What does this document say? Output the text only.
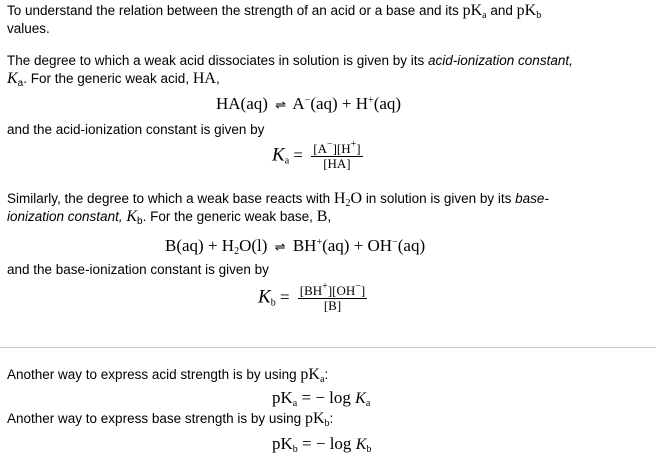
To understand the relation between the strength of an acid or a base and its $pK_a$ and $pK_b$
values.
The degree to which a weak acid dissociates in solution is given by its acid-ionization constant,
$K_a$. For the generic weak acid, HA,
HA(aq) ⇌ A−(aq) + H+(aq)
and the acid-ionization constant is given by
$K_a = \frac{[A^-][H^+]}{[HA]}$
Similarly, the degree to which a weak base reacts with $H_2O$ in solution is given by its base-
ionization constant, $K_b$. For the generic weak base, B,
$B(aq) + H_2O(l)$ ⇌ BH+(aq) + OH−(aq)
and the base-ionization constant is given by
$K_b = \frac{[BH^+][OH^-]}{[B]}$
Another way to express acid strength is by using $pK_a$:
$pK_a$ = − $\log K_a$
Another way to express base strength is by using $pK_b$:
$pK_b$ = − $\log K_b$
